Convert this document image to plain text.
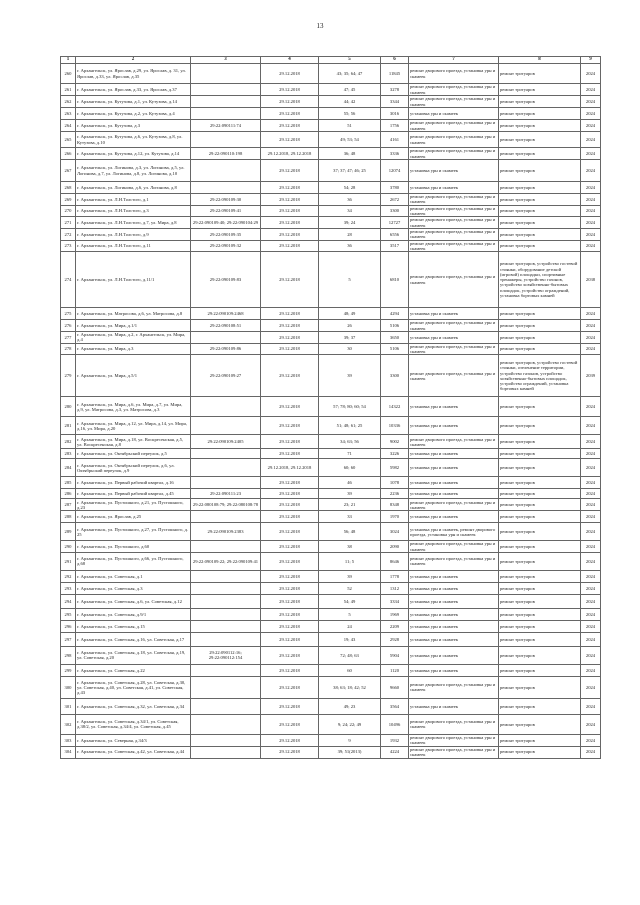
13
1	2	3	4	5	6	7	8	9
260	г. Архангельск, ул. Ярослав, д.29, ул. Ярослав, д. 31, ул. Ярослав, д.33, ул. Ярослав, д.35		29.12.2018	43; 35; 64; 47	11845	ремонт дворового проезда, установка урн и скамеек	ремонт тротуаров	2024
261	г. Архангельск, ул. Ярослав, д.33, ул. Ярослав, д.37		29.12.2018	47; 45	3278	ремонт дворового проезда, установка урн и скамеек	ремонт тротуаров	2024
262	г. Архангельск, ул. Кутузова, д.1, ул. Кутузова, д.14		29.12.2018	44; 42	3344	ремонт дворового проезда, установка урн и скамеек	ремонт тротуаров	2024
263	г. Архангельск, ул. Кутузова, д.2, ул. Кутузова, д.4		29.12.2018	55; 56	3016	установка урн и скамеек	ремонт тротуаров	2024
264	г. Архангельск, ул. Кутузова, д.3	29:22:090111:74	29.12.2018	51	1756	ремонт дворового проезда, установка урн и скамеек	ремонт тротуаров	2024
265	г. Архангельск, ул. Кутузова, д.6, ул. Кутузова, д.8, ул. Кутузова, д.10		29.12.2018	49; 53; 54	4161	ремонт дворового проезда, установка урн и скамеек	ремонт тротуаров	2024
266	г. Архангельск, ул. Кутузова, д.12, ул. Кутузова, д.14	29:22:090110:198	29.12.2018, 29.12.2018	36; 48	3336	ремонт дворового проезда, установка урн и скамеек	ремонт тротуаров	2024
267	г. Архангельск, ул. Логинова, д.3, ул. Логинова, д.5, ул. Логинова, д.7, ул. Логинова, д.8, ул. Логинова, д.10		29.12.2018	37; 37; 47; 46; 25	12074	установка урн и скамеек	ремонт тротуаров	2024
268	г. Архангельск, ул. Логинова, д.6, ул. Логинова, д.8		29.12.2018	54; 28	3780	установка урн и скамеек	ремонт тротуаров	2024
269	г. Архангельск, ул. Л.Н.Толстого, д.1	29:22:090109:30	29.12.2018	36	2672	ремонт дворового проезда, установка урн и скамеек	ремонт тротуаров	2024
270	г. Архангельск, ул. Л.Н.Толстого, д.3	29:22:090109:41	29.12.2018	34	3300	ремонт дворового проезда, установка урн и скамеек	ремонт тротуаров	2024
271	г. Архангельск, ул. Л.Н.Толстого, д.7, ул. Мира, д.8	29:22:090109:40; 29:22:090104:29	29.12.2018	39; 24	12727	ремонт дворового проезда, установка урн и скамеек	ремонт тротуаров	2024
272	г. Архангельск, ул. Л.Н.Толстого, д.9	29:22:090109:35	29.12.2018	28	6556	ремонт дворового проезда, установка урн и скамеек	ремонт тротуаров	2024
273	г. Архангельск, ул. Л.Н.Толстого, д.11	29:22:090109:32	29.12.2018	36	3517	ремонт дворового проезда, установка урн и скамеек	ремонт тротуаров	2024
274	г. Архангельск, ул. Л.Н.Толстого, д.11/1	29:22:090109:83	29.12.2018	5	6810	ремонт дворового проезда, установка урн и скамеек	ремонт тротуаров, устройство гостевой стоянки, оборудование детской (игровой) площадки, спортивные тренажеры, устройство газонов, устройство хозяйственно-бытовых площадок, устройство ограждений, установка бортовых камней	2038
275	г. Архангельск, ул. Матросова, д.6, ул. Матросова, д.8	29:22:090109:2468	29.12.2018	48; 49	4294	установка урн и скамеек	ремонт тротуаров	2024
276	г. Архангельск, ул. Мира, д.1/1	29:22:090108:51	29.12.2018	26	5106	ремонт дворового проезда, установка урн и скамеек	ремонт тротуаров	2024
277	г. Архангельск, ул. Мира, д.2, г. Архангельск, ул. Мира, д.4		29.12.2018	39; 37	3650	установка урн и скамеек	ремонт тротуаров	2024
278	г. Архангельск, ул. Мира, д.3	29:22:090109:86	29.12.2018	30	5106	ремонт дворового проезда, установка урн и скамеек	ремонт тротуаров	2024
279	г. Архангельск, ул. Мира, д.5/1	29:22:090109:27	29.12.2018	39	3300	ремонт дворового проезда, установка урн и скамеек	ремонт тротуаров, устройство гостевой стоянки, озеленение территории, устройство газонов, устройство хозяйственно-бытовых площадок, устройство ограждений, установка бортовых камней	2039
280	г. Архангельск, ул. Мира, д.6, ул. Мира, д.7, ул. Мира, д.9, ул. Матросова, д.3, ул. Матросова, д.3		29.12.2018	57; 78; 80; 60; 54	14322	установка урн и скамеек	ремонт тротуаров	2024
281	г. Архангельск, ул. Мира, д.12, ул. Мира, д.14, ул. Мира, д.16, ул. Мира, д.20		29.12.2018	51; 48; 61; 25	10336	установка урн и скамеек	ремонт тротуаров	2024
282	г. Архангельск, ул. Мира, д.18, ул. Воскресенская, д.5, ул. Воскресенская, д.8	29:22:090109:2405	29.12.2018	34; 63; 56	9002	ремонт дворового проезда, установка урн и скамеек	ремонт тротуаров	2024
283	г. Архангельск, ул. Октябрьский переулок, д.5		29.12.2018	71	3226	установка урн и скамеек	ремонт тротуаров	2024
284	г. Архангельск, ул. Октябрьский переулок, д.6, ул. Октябрьский переулок, д.9		29.12.2018, 29.12.2018	60; 60	5982	установка урн и скамеек	ремонт тротуаров	2024
285	г. Архангельск, ул. Первый рабочий квартал, д.16		29.12.2018	46	1078	установка урн и скамеек	ремонт тротуаров	2024
286	г. Архангельск, ул. Первый рабочий квартал, д.45	29:22:090111:23	29.12.2018	39	2236	установка урн и скамеек	ремонт тротуаров	2024
287	г. Архангельск, ул. Пустошного, д.21, ул. Пустошного, д.23	29:22:080108:79; 29:22:080108:78	29.12.2018	23; 21	8348	ремонт дворового проезда, установка урн и скамеек	ремонт тротуаров	2024
288	г. Архангельск, ул. Ярослав, д.25		29.12.2018	33	1970	установка урн и скамеек	ремонт тротуаров	2024
289	г. Архангельск, ул. Пустошного, д.27, ул. Пустошного, д. 25	29:22:090109:2383	29.12.2018	56; 48	3024	установка урн и скамеек, ремонт дворового проезда, установка урн и скамеек	ремонт тротуаров	2024
290	г. Архангельск, ул. Пустошного, д.60		29.12.2018	38	2090	ремонт дворового проезда, установка урн и скамеек	ремонт тротуаров	2024
291	г. Архангельск, ул. Пустошного, д.66, ул. Пустошного, д.68	29:22:090109:22; 29:22:090109:41	29.12.2018	11; 5	8646	ремонт дворового проезда, установка урн и скамеек	ремонт тротуаров	2024
292	г. Архангельск, ул. Советская, д.1		29.12.2018	39	1778	установка урн и скамеек	ремонт тротуаров	2024
293	г. Архангельск, ул. Советская, д.3		29.12.2018	52	1312	установка урн и скамеек	ремонт тротуаров	2024
294	г. Архангельск, ул. Советская, д.6, ул. Советская, д.12		29.12.2018	54; 49	3334	установка урн и скамеек	ремонт тротуаров	2024
295	г. Архангельск, ул. Советская, д.9/1		29.12.2018	5	1969	установка урн и скамеек	ремонт тротуаров	2024
296	г. Архангельск, ул. Советская, д.15		29.12.2018	24	2209	установка урн и скамеек	ремонт тротуаров	2024
297	г. Архангельск, ул. Советская, д.16, ул. Советская, д.17		29.12.2018	19; 43	2928	установка урн и скамеек	ремонт тротуаров	2024
298	г. Архангельск, ул. Советская, д.18, ул. Советская, д.19, ул. Советская, д.20	29:22:090112:16; 29:22:090112:154	29.12.2018	72; 48; 63	5904	установка урн и скамеек	ремонт тротуаров	2024
299	г. Архангельск, ул. Советская, д.22		29.12.2018	60	1120	установка урн и скамеек	ремонт тротуаров	2024
300	г. Архангельск, ул. Советская, д.28, ул. Советская, д.30, ул. Советская, д.40, ул. Советская, д.41, ул. Советская, д.43		29.12.2018	38; 63; 18; 42; 52	9660	ремонт дворового проезда, установка урн и скамеек	ремонт тротуаров	2024
301	г. Архангельск, ул. Советская, д.32, ул. Советская, д.34		29.12.2018	49; 23	3564	установка урн и скамеек	ремонт тротуаров	2024
302	г. Архангельск, ул. Советская, д.34/1, ул. Советская, д.38/2, ул. Советская, д.34/4, ул. Советская, д.45		29.12.2018	9; 24; 22; 49	10496	ремонт дворового проезда, установка урн и скамеек	ремонт тротуаров	2024
303	г. Архангельск, ул. Северная, д.34/3		29.12.2018	9	1932	ремонт дворового проезда, установка урн и скамеек	ремонт тротуаров	2024
304	г. Архангельск, ул. Советская, д.42, ул. Советская, д.44		29.12.2018	39; 51(2013)	4224	ремонт дворового проезда, установка урн и скамеек	ремонт тротуаров	2024
